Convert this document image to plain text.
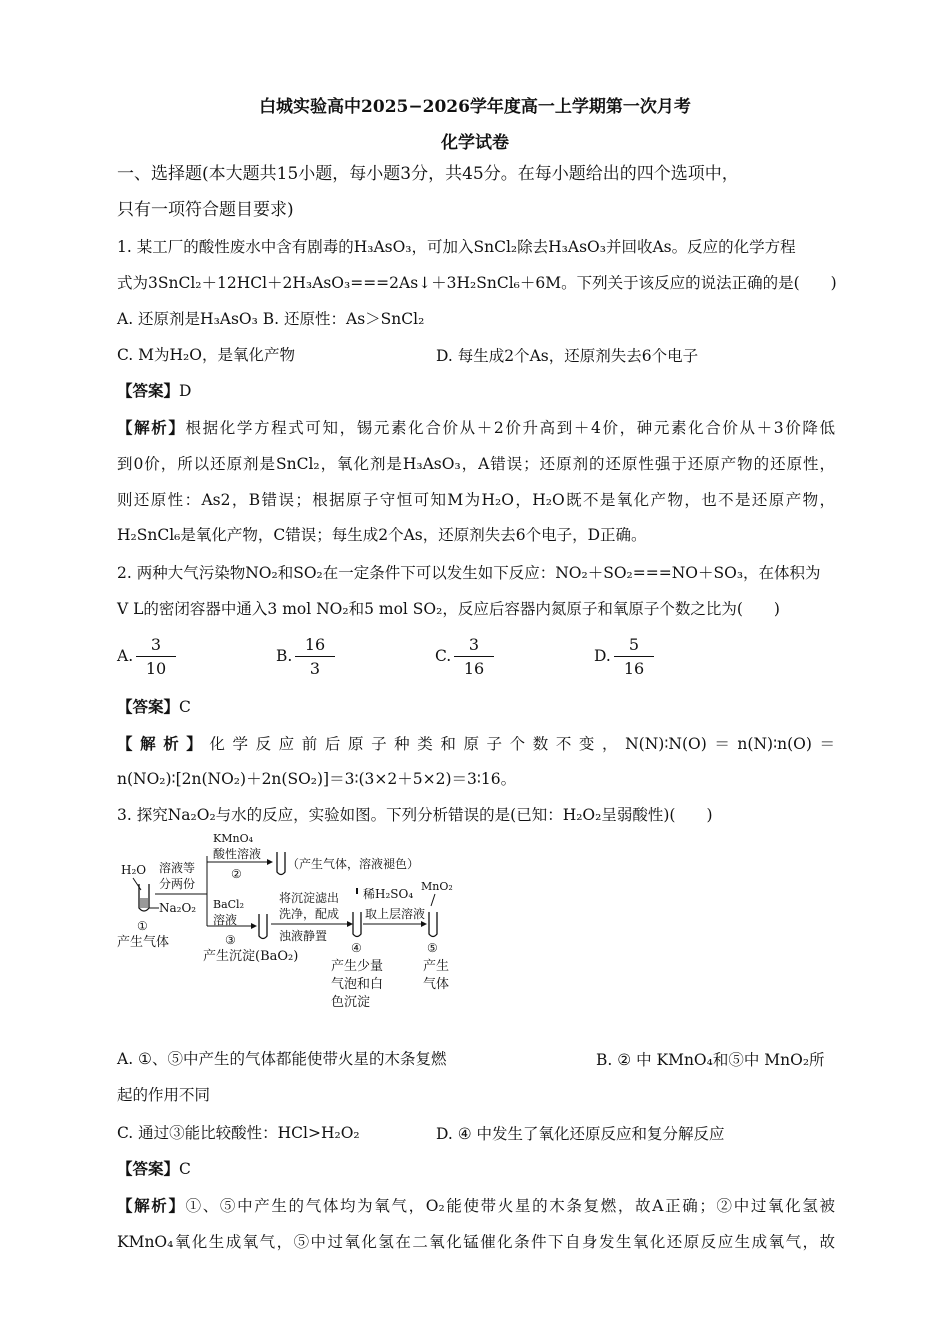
白城实验高中2025−2026学年度高一上学期第一次月考
化学试卷
一、选择题(本大题共15小题，每小题3分，共45分。在每小题给出的四个选项中，
只有一项符合题目要求)
1. 某工厂的酸性废水中含有剧毒的H₃AsO₃，可加入SnCl₂除去H₃AsO₃并回收As。反应的化学方程
式为3SnCl₂＋12HCl＋2H₃AsO₃===2As↓＋3H₂SnCl₆＋6M。下列关于该反应的说法正确的是(　　)
A. 还原剂是H₃AsO₃ B. 还原性：As＞SnCl₂
C. M为H₂O，是氧化产物	D. 每生成2个As，还原剂失去6个电子
【答案】D
【解析】根据化学方程式可知，锡元素化合价从＋2价升高到＋4价，砷元素化合价从＋3价降低
到0价，所以还原剂是SnCl₂，氧化剂是H₃AsO₃，A错误；还原剂的还原性强于还原产物的还原性，
则还原性：As2，B错误；根据原子守恒可知M为H₂O，H₂O既不是氧化产物，也不是还原产物，
H₂SnCl₆是氧化产物，C错误；每生成2个As，还原剂失去6个电子，D正确。
2. 两种大气污染物NO₂和SO₂在一定条件下可以发生如下反应：NO₂＋SO₂===NO＋SO₃，在体积为
V L的密闭容器中通入3 mol NO₂和5 mol SO₂，反应后容器内氮原子和氧原子个数之比为(　　)
A. $\frac{3}{10}$	B. $\frac{16}{3}$	C. $\frac{3}{16}$	D. $\frac{5}{16}$
【答案】C
【解析】化学反应前后原子种类和原子个数不变，N(N)∶N(O)＝n(N)∶n(O)＝
n(NO₂)∶[2n(NO₂)＋2n(SO₂)]＝3∶(3×2＋5×2)＝3∶16。
3. 探究Na₂O₂与水的反应，实验如图。下列分析错误的是(已知：H₂O₂呈弱酸性)(　　)
H₂O
Na₂O₂
①
产生气体
溶液等
分两份
KMnO₄
酸性溶液
②
（产生气体，溶液褪色）
BaCl₂
溶液
③
产生沉淀(BaO₂)
将沉淀滤出
洗净，配成
浊液静置
稀H₂SO₄
④
产生少量
气泡和白
色沉淀
取上层溶液
MnO₂
⑤
产生
气体
A. ①、⑤中产生的气体都能使带火星的木条复燃	B. ② 中 KMnO₄和⑤中 MnO₂所
起的作用不同
C. 通过③能比较酸性：HCl>H₂O₂	D. ④ 中发生了氧化还原反应和复分解反应
【答案】C
【解析】①、⑤中产生的气体均为氧气，O₂能使带火星的木条复燃，故A正确；②中过氧化氢被
KMnO₄氧化生成氧气，⑤中过氧化氢在二氧化锰催化条件下自身发生氧化还原反应生成氧气，故
